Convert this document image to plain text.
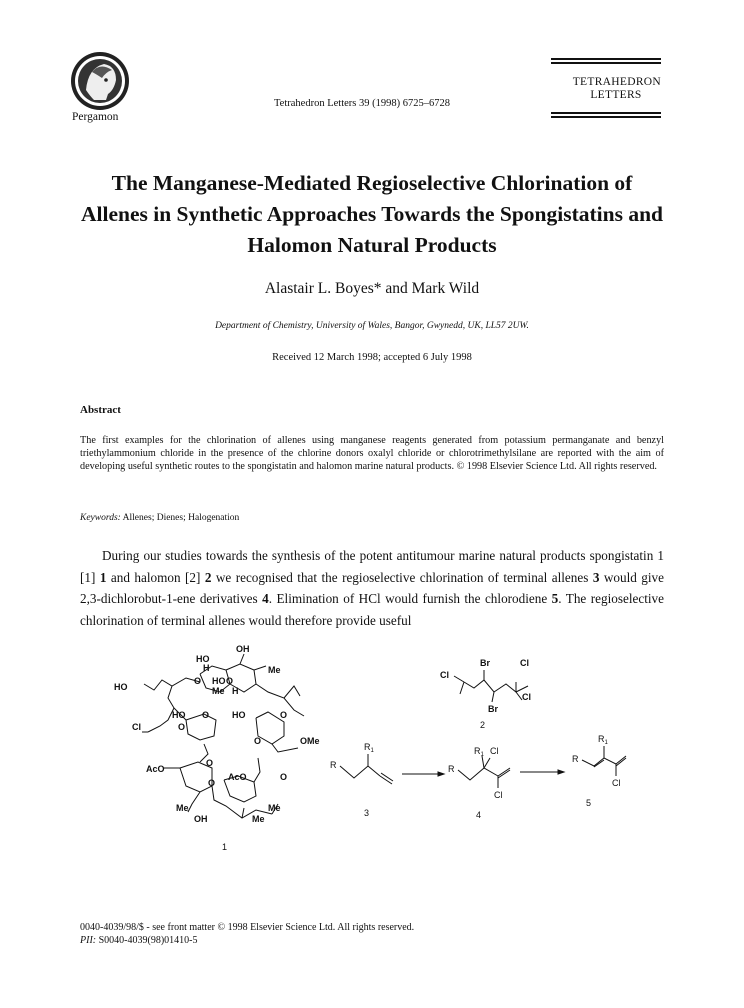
Pergamon
Tetrahedron Letters 39 (1998) 6725–6728
TETRAHEDRON
LETTERS
The Manganese-Mediated Regioselective Chlorination of Allenes in Synthetic Approaches Towards the Spongistatins and Halomon Natural Products
Alastair L. Boyes* and Mark Wild
Department of Chemistry, University of Wales, Bangor, Gwynedd, UK, LL57 2UW.
Received 12 March 1998; accepted 6 July 1998
Abstract
The first examples for the chlorination of allenes using manganese reagents generated from potassium permanganate and benzyl triethylammonium chloride in the presence of the chlorine donors oxalyl chloride or chlorotrimethylsilane are reported with the aim of developing useful synthetic routes to the spongistatin and halomon marine natural products. © 1998 Elsevier Science Ltd. All rights reserved.
Keywords: Allenes; Dienes; Halogenation
During our studies towards the synthesis of the potent antitumour marine natural products spongistatin 1 [1] 1 and halomon [2] 2 we recognised that the regioselective chlorination of terminal allenes 3 would give 2,3-dichlorobut-1-ene derivatives 4. Elimination of HCl would furnish the chlorodiene 5. The regioselective chlorination of terminal allenes would therefore provide useful
OH
HO
H	Me
O HO O
HO	Me H
HO O	HO	O
Cl	O
O	OMe
AcO
O
O
AcO	O
Me	Me
OH	Me
1
Br	Cl
Cl
Cl
Br
2
R
$R_1$
3
R
$R_1$ Cl
Cl
4
R
$R_1$
Cl
5
0040-4039/98/$ - see front matter © 1998 Elsevier Science Ltd. All rights reserved.
PII: S0040-4039(98)01410-5
